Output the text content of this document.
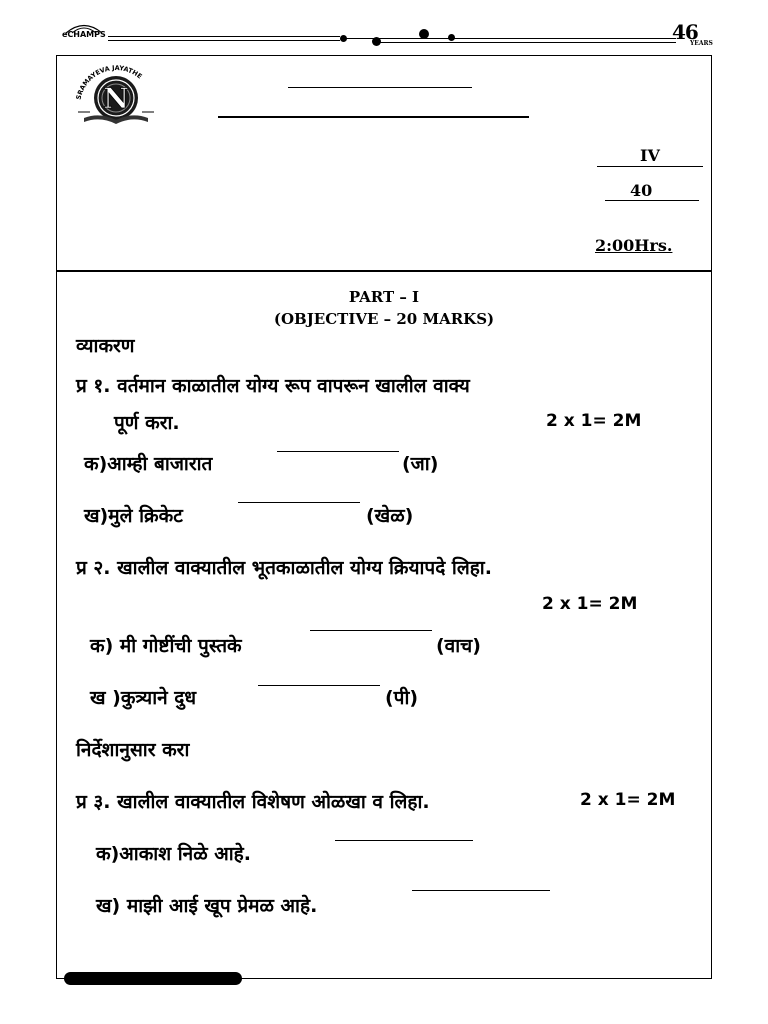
eCHAMPS	46
YEARS
SRAMAYEVA JAYATHE
N
IV
40
2:00Hrs.
PART – I
(OBJECTIVE – 20 MARKS)
व्याकरण
प्र १. वर्तमान काळातील योग्य रूप वापरून खालील वाक्य
पूर्ण करा.	2 x 1= 2M
क)आम्ही बाजारात	(जा)
ख)मुले क्रिकेट	(खेळ)
प्र २. खालील वाक्यातील भूतकाळातील योग्य क्रियापदे लिहा.
2 x 1= 2M
क) मी गोष्टींची पुस्तके	(वाच)
ख )कुत्र्याने दुध	(पी)
निर्देशानुसार करा
प्र ३. खालील वाक्यातील विशेषण ओळखा व लिहा.	2 x 1= 2M
क)आकाश निळे आहे.
ख) माझी आई खूप प्रेमळ आहे.
